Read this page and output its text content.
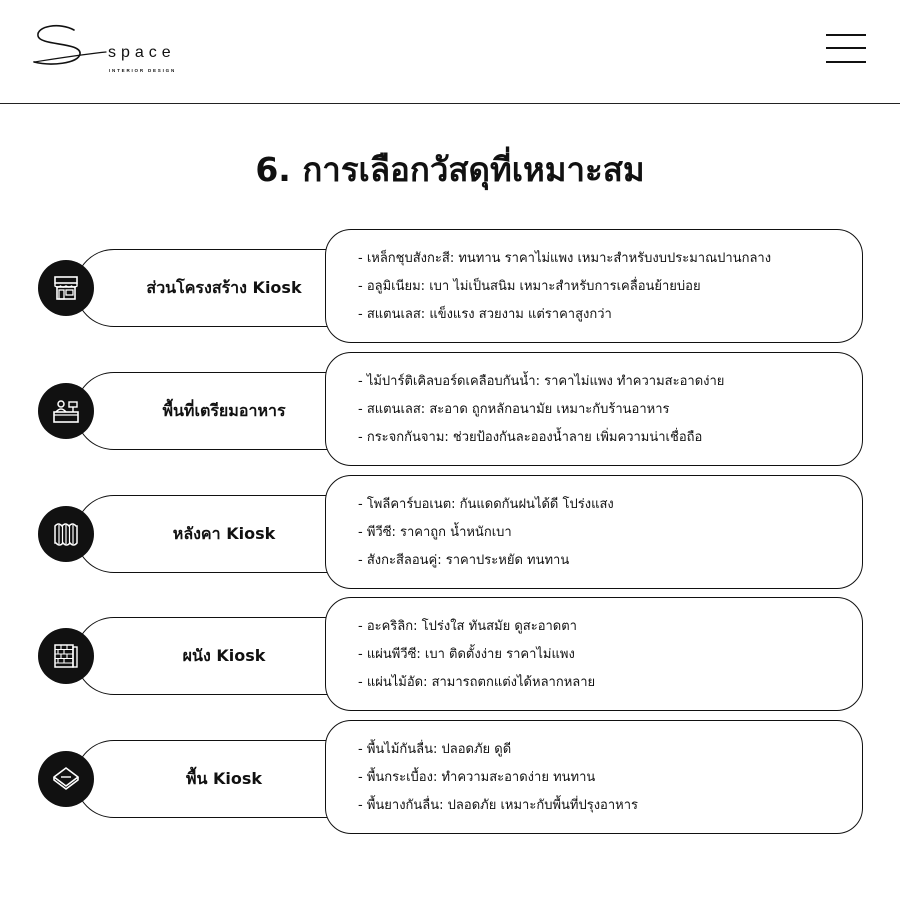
space
INTERIOR DESIGN
6. การเลือกวัสดุที่เหมาะสม
ส่วนโครงสร้าง Kiosk

- เหล็กชุบสังกะสี: ทนทาน ราคาไม่แพง เหมาะสำหรับงบประมาณปานกลาง

- อลูมิเนียม: เบา ไม่เป็นสนิม เหมาะสำหรับการเคลื่อนย้ายบ่อย

- สแตนเลส: แข็งแรง สวยงาม แต่ราคาสูงกว่า

พื้นที่เตรียมอาหาร

- ไม้ปาร์ติเคิลบอร์ดเคลือบกันน้ำ: ราคาไม่แพง ทำความสะอาดง่าย

- สแตนเลส: สะอาด ถูกหลักอนามัย เหมาะกับร้านอาหาร

- กระจกกันจาม: ช่วยป้องกันละอองน้ำลาย เพิ่มความน่าเชื่อถือ

หลังคา Kiosk

- โพลีคาร์บอเนต: กันแดดกันฝนได้ดี โปร่งแสง

- พีวีซี: ราคาถูก น้ำหนักเบา

- สังกะสีลอนคู่: ราคาประหยัด ทนทาน

ผนัง Kiosk

- อะคริลิก: โปร่งใส ทันสมัย ดูสะอาดตา

- แผ่นพีวีซี: เบา ติดตั้งง่าย ราคาไม่แพง

- แผ่นไม้อัด: สามารถตกแต่งได้หลากหลาย

พื้น Kiosk

- พื้นไม้กันลื่น: ปลอดภัย ดูดี

- พื้นกระเบื้อง: ทำความสะอาดง่าย ทนทาน

- พื้นยางกันลื่น: ปลอดภัย เหมาะกับพื้นที่ปรุงอาหาร
